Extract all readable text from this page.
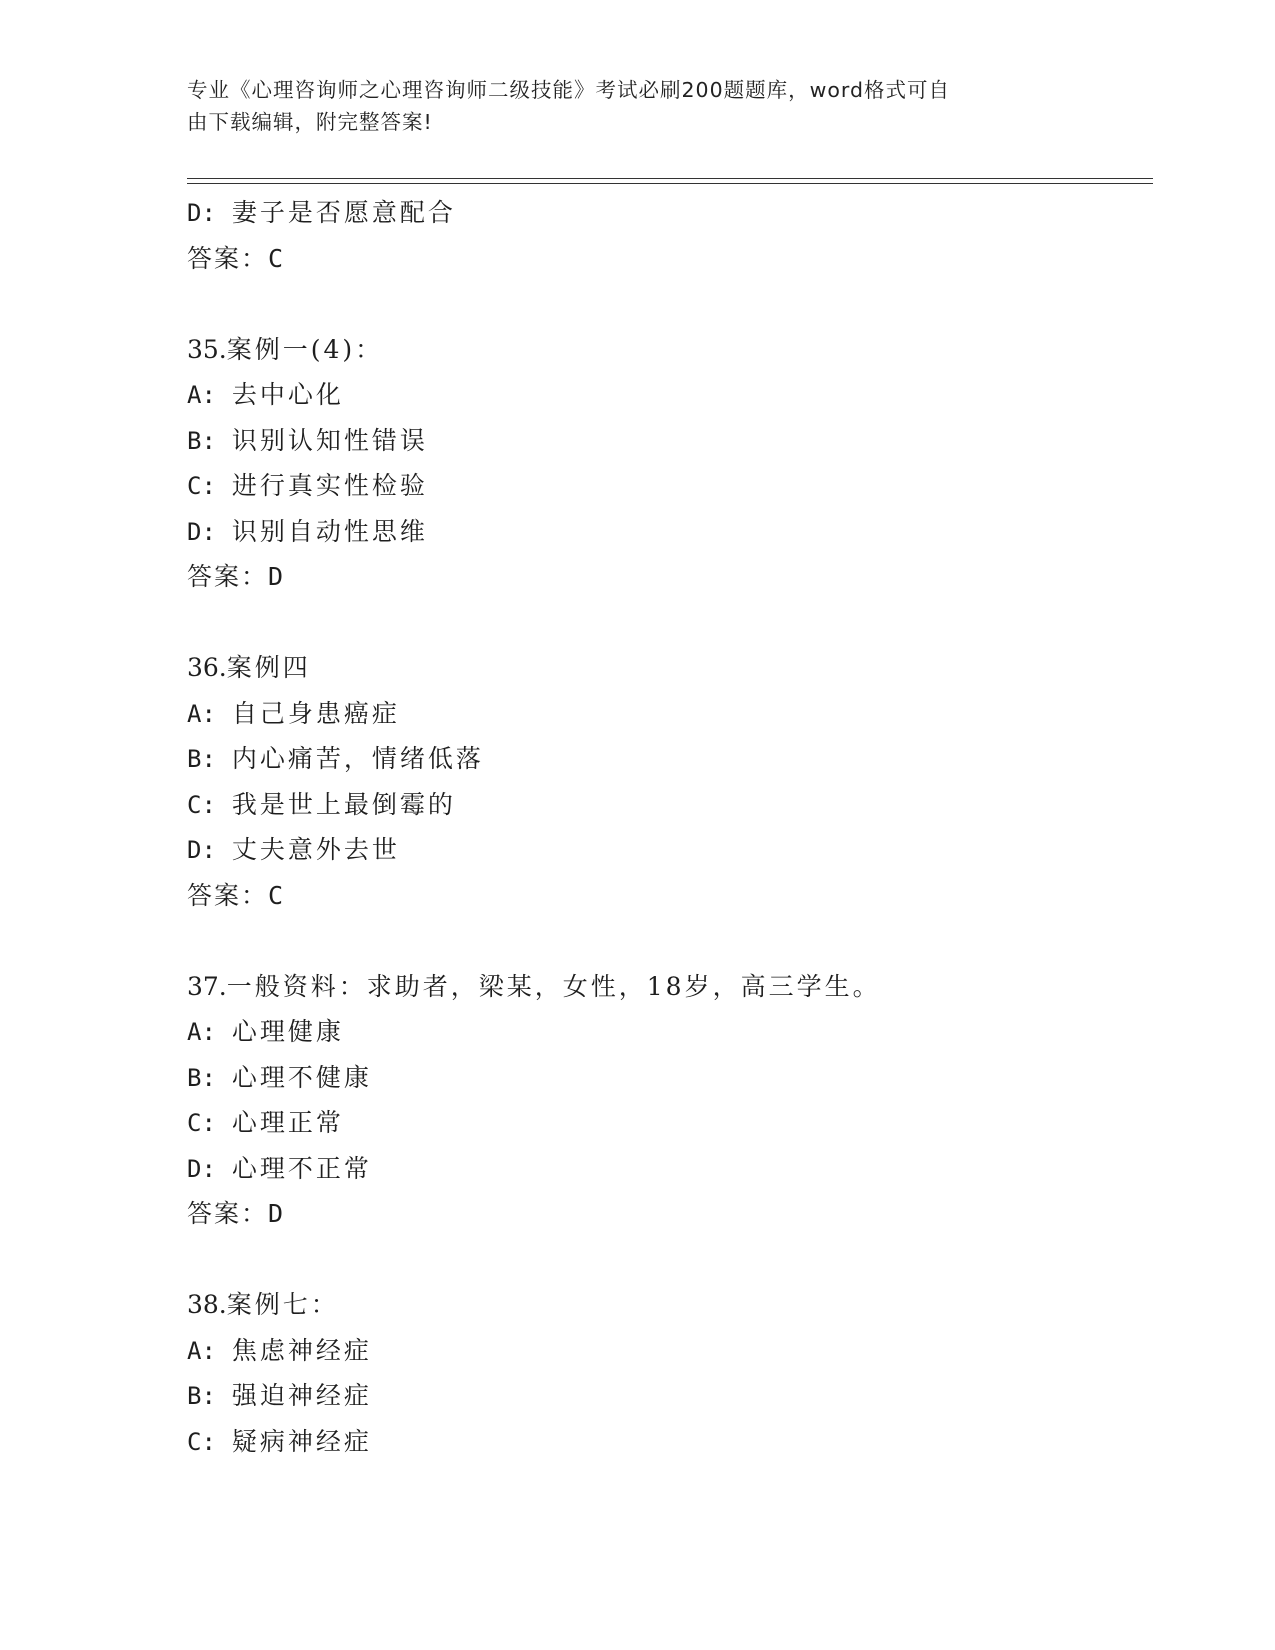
专业《心理咨询师之心理咨询师二级技能》考试必刷200题题库，word格式可自
由下载编辑，附完整答案!
D: 妻子是否愿意配合
答案：C
35.案例一(4)：
A: 去中心化
B: 识别认知性错误
C: 进行真实性检验
D: 识别自动性思维
答案：D
36.案例四
A: 自己身患癌症
B: 内心痛苦，情绪低落
C: 我是世上最倒霉的
D: 丈夫意外去世
答案：C
37.一般资料：求助者，梁某，女性，18岁，高三学生。
A: 心理健康
B: 心理不健康
C: 心理正常
D: 心理不正常
答案：D
38.案例七：
A: 焦虑神经症
B: 强迫神经症
C: 疑病神经症
